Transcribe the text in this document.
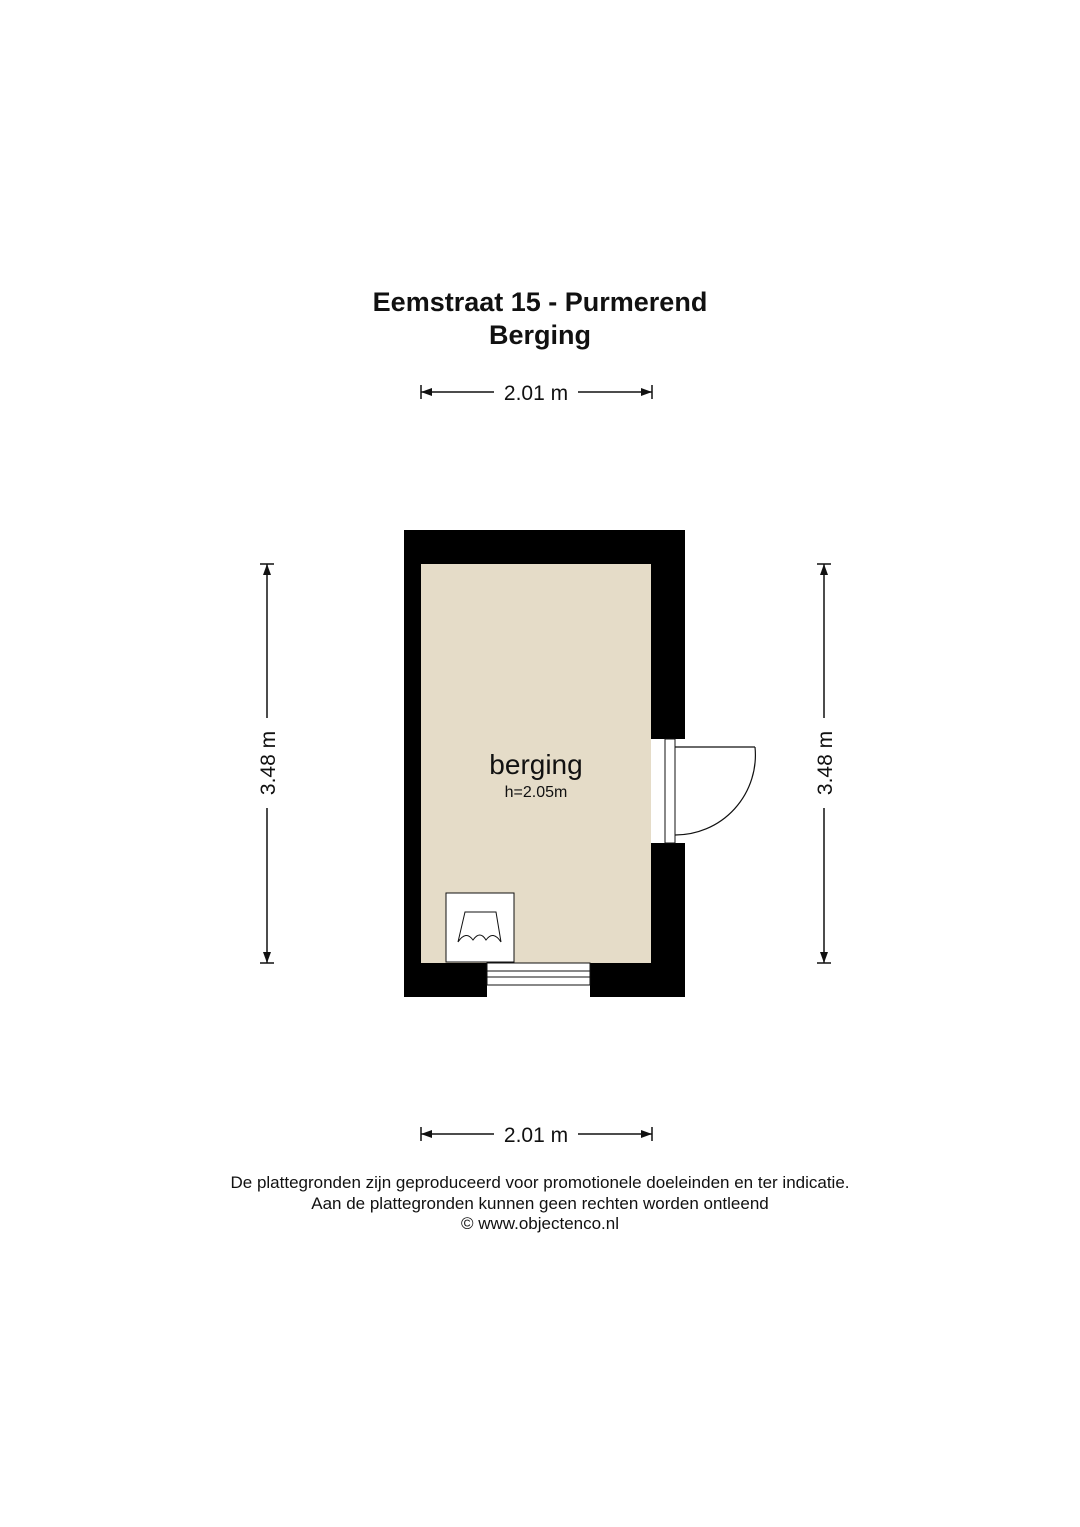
Eemstraat 15 - Purmerend
Berging
2.01 m
2.01 m
3.48 m	3.48 m
berging
h=2.05m
De plattegronden zijn geproduceerd voor promotionele doeleinden en ter indicatie.
Aan de plattegronden kunnen geen rechten worden ontleend
© www.objectenco.nl
